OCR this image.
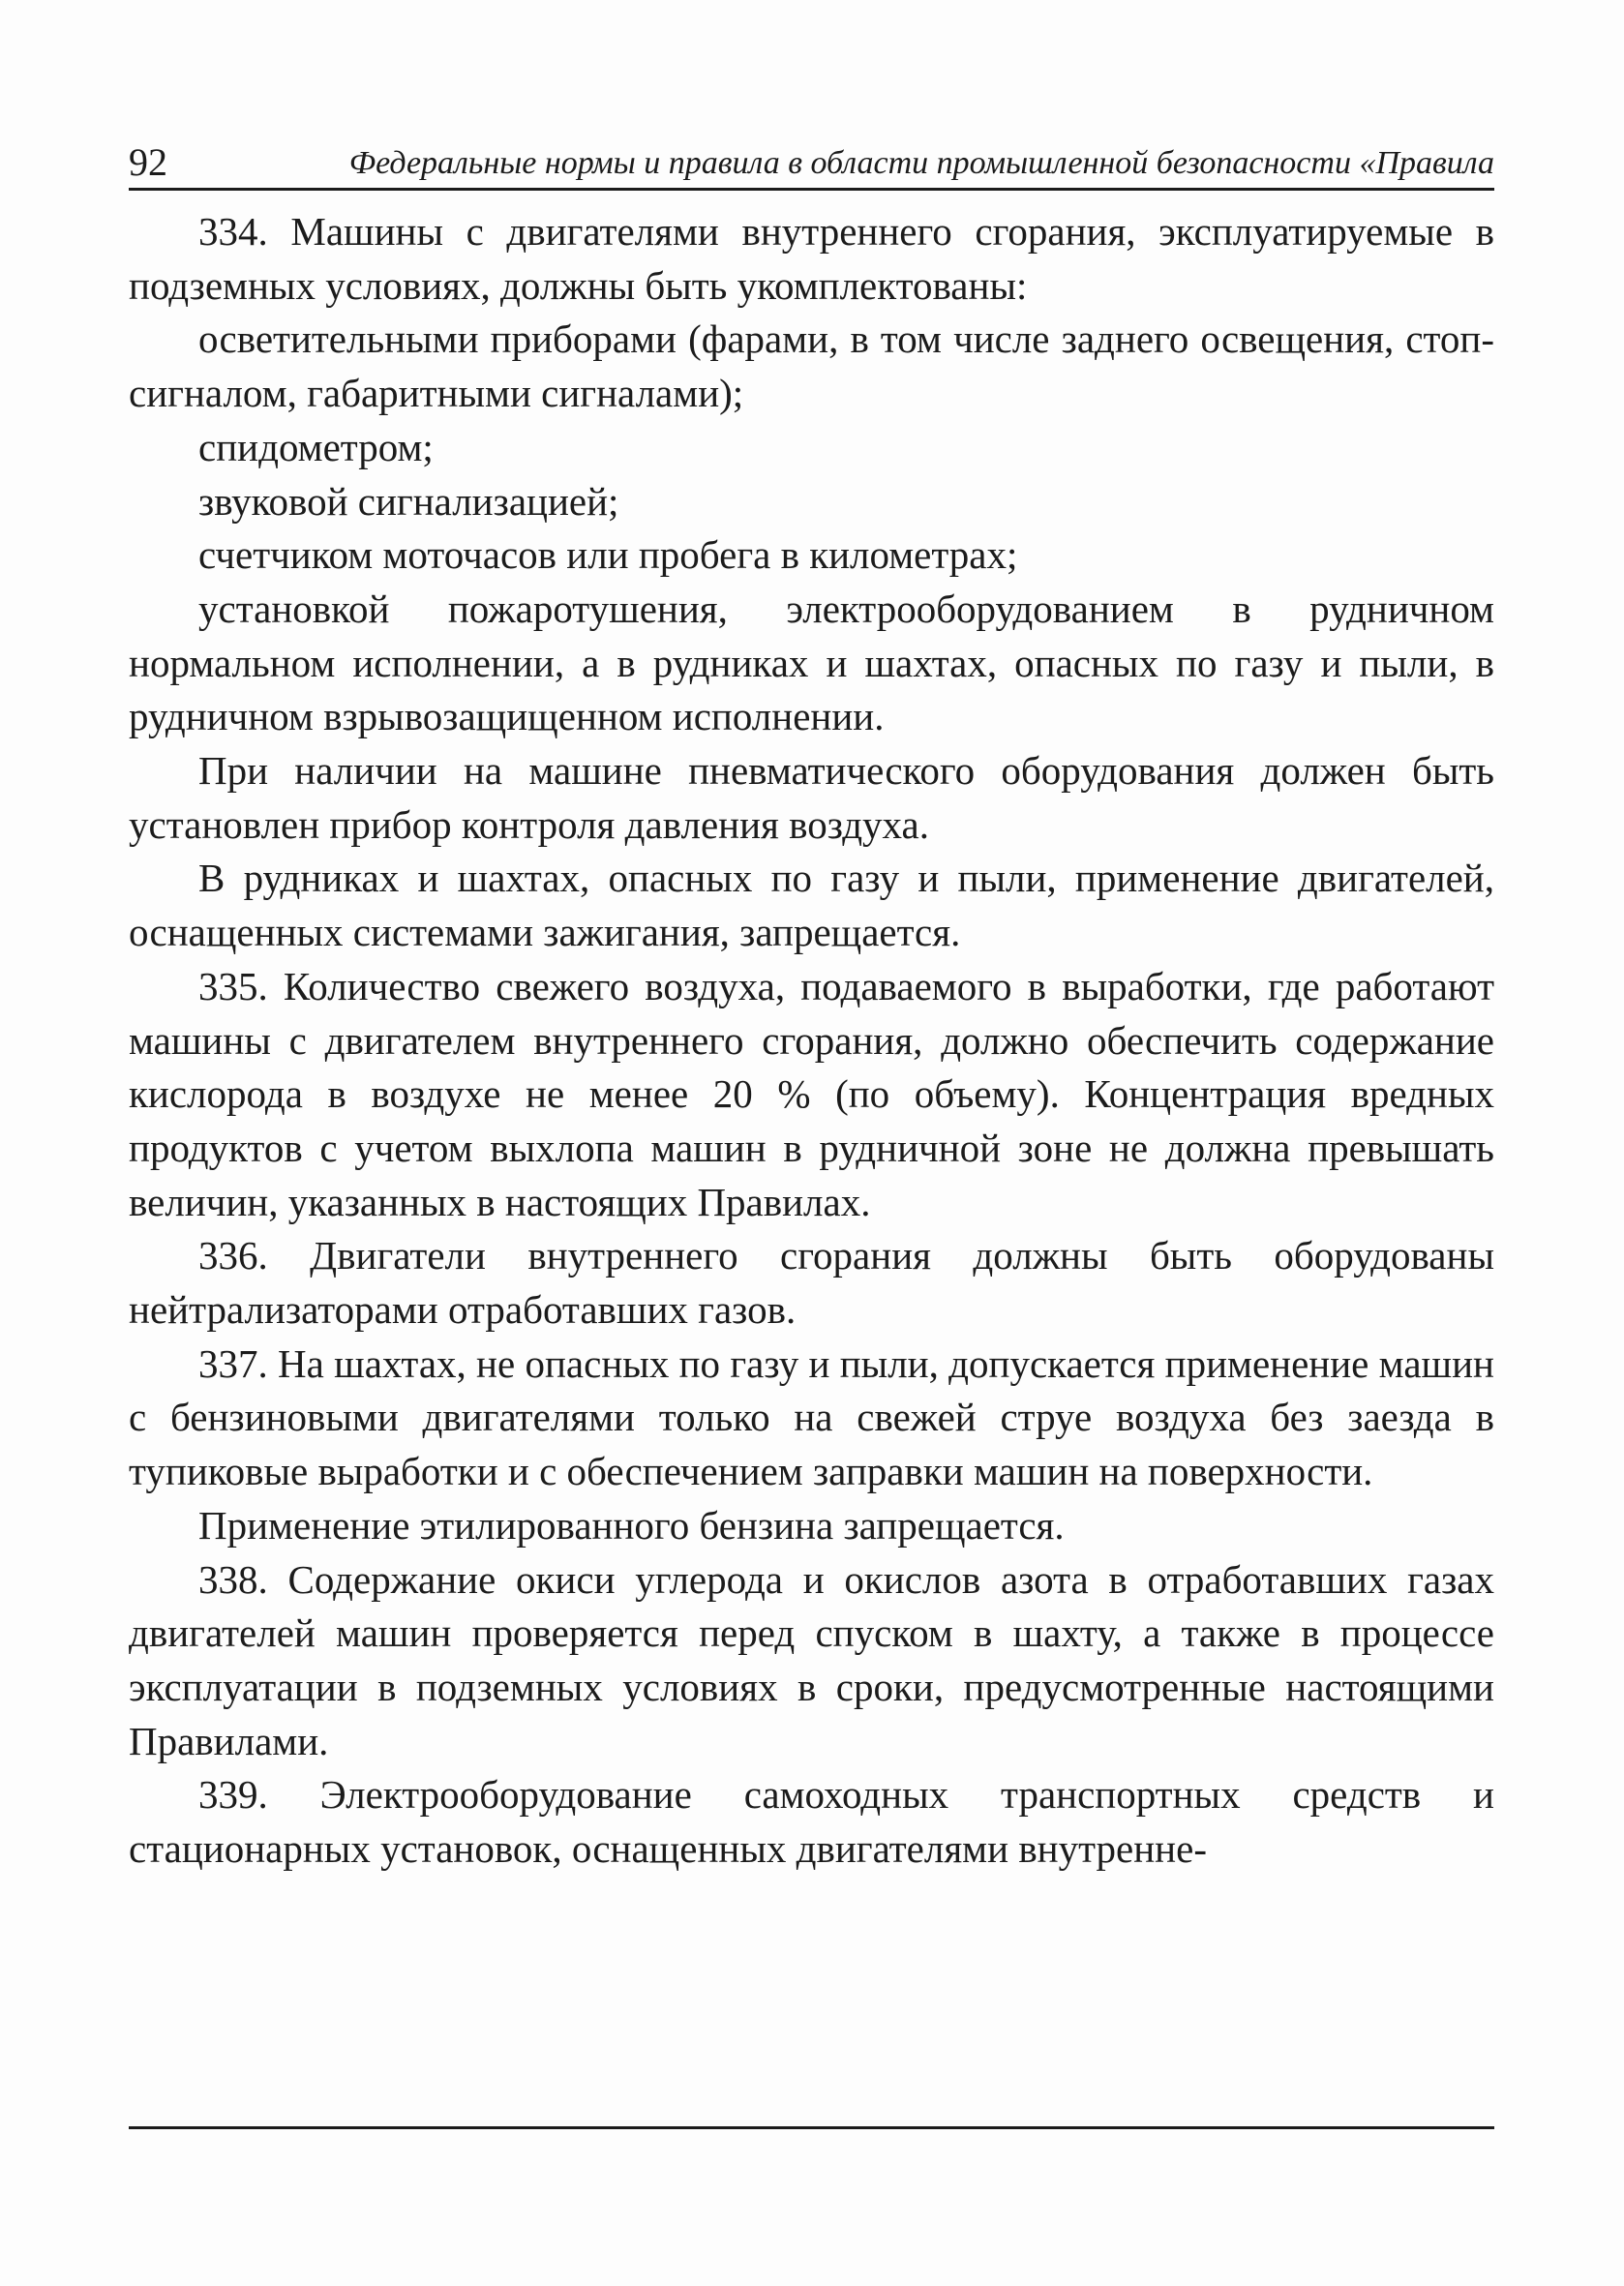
92	Федеральные нормы и правила в области промышленной безопасности «Правила

334. Машины с двигателями внутреннего сгорания, эксплуатируемые в подземных условиях, должны быть укомплектованы:

осветительными приборами (фарами, в том числе заднего освещения, стоп-сигналом, габаритными сигналами);

спидометром;

звуковой сигнализацией;

счетчиком моточасов или пробега в километрах;

установкой пожаротушения, электрооборудованием в рудничном нормальном исполнении, а в рудниках и шахтах, опасных по газу и пыли, в рудничном взрывозащищенном исполнении.

При наличии на машине пневматического оборудования должен быть установлен прибор контроля давления воздуха.

В рудниках и шахтах, опасных по газу и пыли, применение двигателей, оснащенных системами зажигания, запрещается.

335. Количество свежего воздуха, подаваемого в выработки, где работают машины с двигателем внутреннего сгорания, должно обеспечить содержание кислорода в воздухе не менее 20 % (по объему). Концентрация вредных продуктов с учетом выхлопа машин в рудничной зоне не должна превышать величин, указанных в настоящих Правилах.

336. Двигатели внутреннего сгорания должны быть оборудованы нейтрализаторами отработавших газов.

337. На шахтах, не опасных по газу и пыли, допускается применение машин с бензиновыми двигателями только на свежей струе воздуха без заезда в тупиковые выработки и с обеспечением заправки машин на поверхности.

Применение этилированного бензина запрещается.

338. Содержание окиси углерода и окислов азота в отработавших газах двигателей машин проверяется перед спуском в шахту, а также в процессе эксплуатации в подземных условиях в сроки, предусмотренные настоящими Правилами.

339. Электрооборудование самоходных транспортных средств и стационарных установок, оснащенных двигателями внутренне-
